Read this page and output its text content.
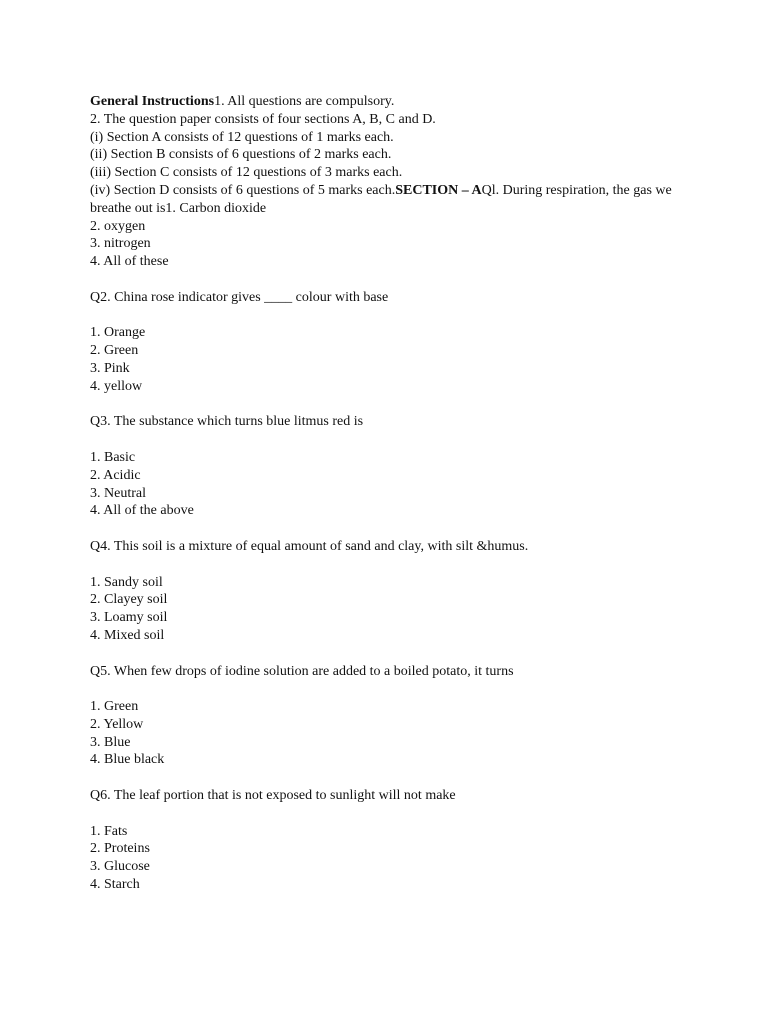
General Instructions1. All questions are compulsory.
2. The question paper consists of four sections A, B, C and D.
(i) Section A consists of 12 questions of 1 marks each.
(ii) Section B consists of 6 questions of 2 marks each.
(iii) Section C consists of 12 questions of 3 marks each.
(iv) Section D consists of 6 questions of 5 marks each.SECTION – AQl. During respiration, the gas we breathe out is1. Carbon dioxide
2. oxygen
3. nitrogen
4. All of these
Q2. China rose indicator gives ____ colour with base
1. Orange
2. Green
3. Pink
4. yellow
Q3. The substance which turns blue litmus red is
1. Basic
2. Acidic
3. Neutral
4. All of the above
Q4. This soil is a mixture of equal amount of sand and clay, with silt &humus.
1. Sandy soil
2. Clayey soil
3. Loamy soil
4. Mixed soil
Q5. When few drops of iodine solution are added to a boiled potato, it turns
1. Green
2. Yellow
3. Blue
4. Blue black
Q6. The leaf portion that is not exposed to sunlight will not make
1. Fats
2. Proteins
3. Glucose
4. Starch
